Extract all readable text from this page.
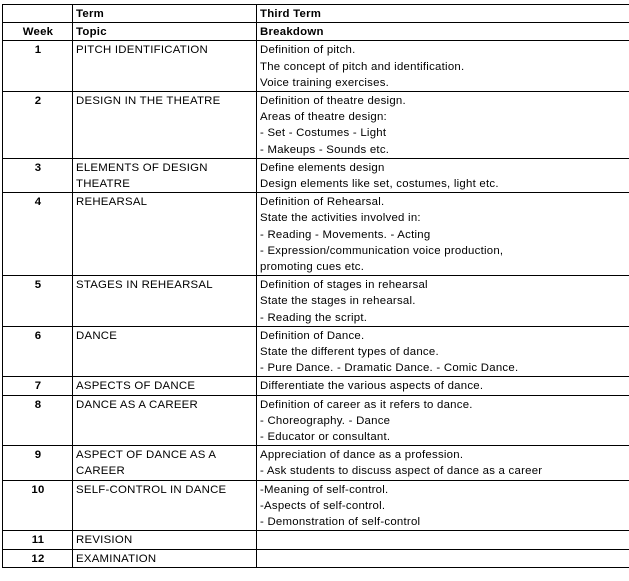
	Term	Third Term
Week	Topic	Breakdown
1	PITCH IDENTIFICATION	Definition of pitch.
The concept of pitch and identification.
Voice training exercises.

2	DESIGN IN THE THEATRE	Definition of theatre design.
Areas of theatre design:
- Set - Costumes - Light
- Makeups - Sounds etc.

3	ELEMENTS OF DESIGN
THEATRE	Define elements design
Design elements like set, costumes, light etc.

4	REHEARSAL	Definition of Rehearsal.
State the activities involved in:
- Reading - Movements. - Acting
- Expression/communication voice production,
promoting cues etc.

5	STAGES IN REHEARSAL	Definition of stages in rehearsal
State the stages in rehearsal.
- Reading the script.

6	DANCE	Definition of Dance.
State the different types of dance.
- Pure Dance. - Dramatic Dance. - Comic Dance.

7	ASPECTS OF DANCE	Differentiate the various aspects of dance.

8	DANCE AS A CAREER	Definition of career as it refers to dance.
- Choreography. - Dance
- Educator or consultant.

9	ASPECT OF DANCE AS A
CAREER	Appreciation of dance as a profession.
- Ask students to discuss aspect of dance as a career

10	SELF-CONTROL IN DANCE	-Meaning of self-control.
-Aspects of self-control.
- Demonstration of self-control

11	REVISION	

12	EXAMINATION	
